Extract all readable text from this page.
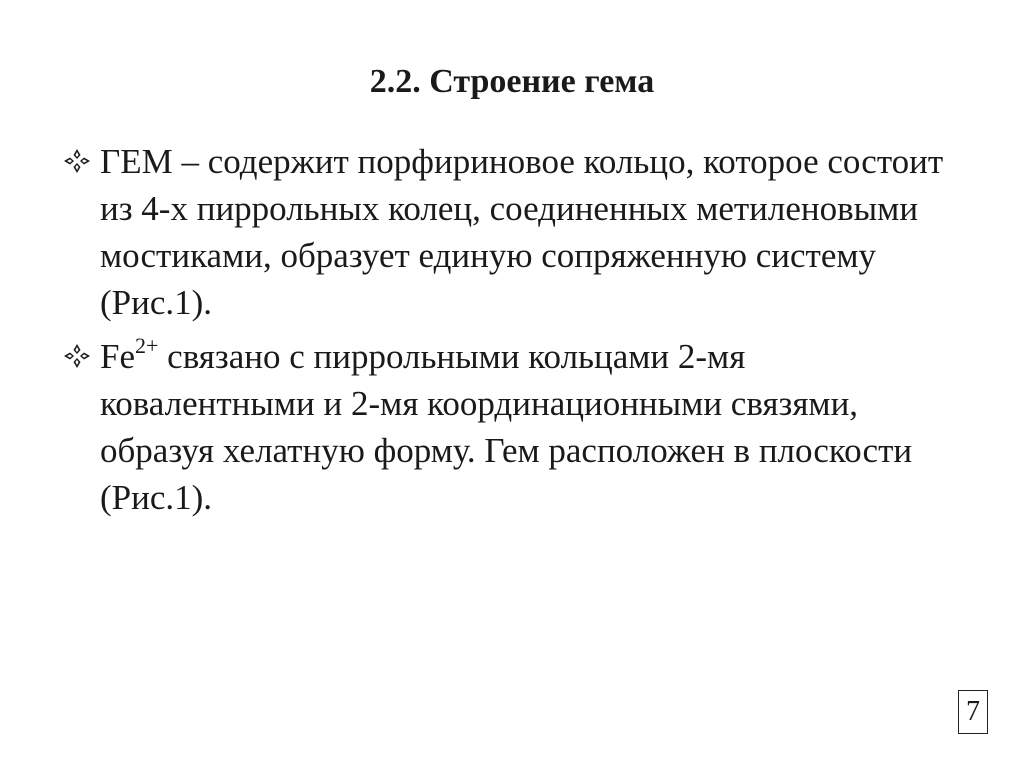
2.2. Строение гема
ГЕМ – содержит порфириновое кольцо, которое состоит из 4-х пиррольных колец, соединенных метиленовыми мостиками, образует единую сопряженную систему (Рис.1).
$Fe^{2+}$ связано с пиррольными кольцами 2-мя ковалентными и 2-мя координационными связями, образуя хелатную форму. Гем расположен в плоскости (Рис.1).
7
